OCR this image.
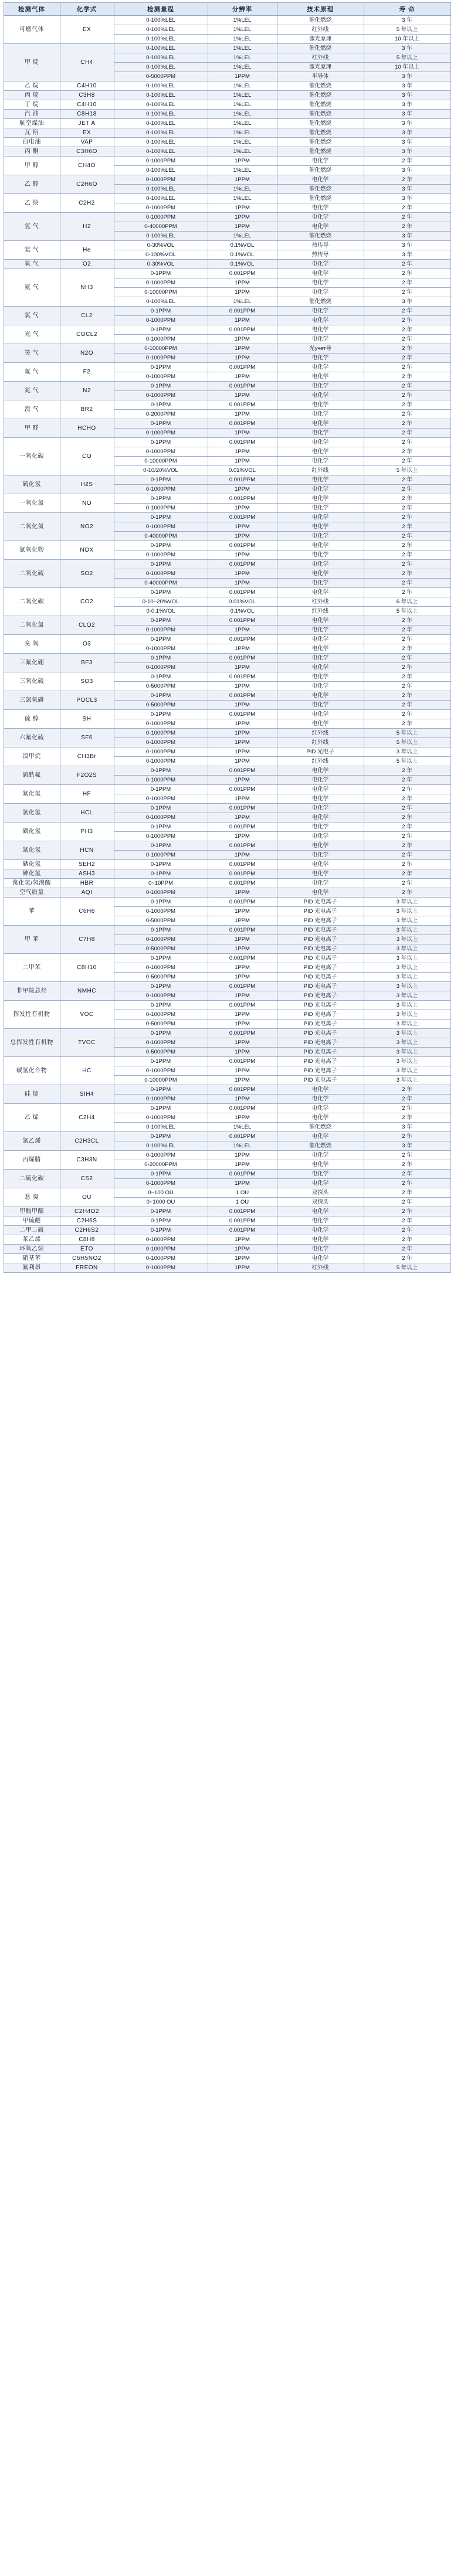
检测气体	化学式	检测量程	分辨率	技术原理	寿 命
可燃气体	EX	0-100%LEL	1%LEL	催化燃烧	3 年
		0-100%LEL	1%LEL	红外线	5 年以上
		0-100%LEL	1%LEL	激光原理	10 年以上
甲 烷	CH4	0-100%LEL	1%LEL	催化燃烧	3 年
		0-100%LEL	1%LEL	红外线	5 年以上
		0-100%LEL	1%LEL	激光原理	10 年以上
		0-5000PPM	1PPM	半导体	3 年
乙 烷	C4H10	0-100%LEL	1%LEL	催化燃烧	3 年
丙 烷	C3H8	0-100%LEL	1%LEL	催化燃烧	3 年
丁 烷	C4H10	0-100%LEL	1%LEL	催化燃烧	3 年
汽 油	C8H18	0-100%LEL	1%LEL	催化燃烧	3 年
航空煤油	JET A	0-100%LEL	1%LEL	催化燃烧	3 年
瓦 斯	EX	0-100%LEL	1%LEL	催化燃烧	3 年
白电油	VAP	0-100%LEL	1%LEL	催化燃烧	3 年
丙 酮	C3H6O	0-100%LEL	1%LEL	催化燃烧	3 年
甲 醇	CH4O	0-1000PPM	1PPM	电化学	2 年
		0-100%LEL	1%LEL	催化燃烧	3 年
乙 醇	C2H6O	0-1000PPM	1PPM	电化学	2 年
		0-100%LEL	1%LEL	催化燃烧	3 年
乙 炔	C2H2	0-100%LEL	1%LEL	催化燃烧	3 年
		0-1000PPM	1PPM	电化学	2 年
氢 气	H2	0-1000PPM	1PPM	电化学	2 年
		0-40000PPM	1PPM	电化学	2 年
		0-100%LEL	1%LEL	催化燃烧	3 年
氦 气	He	0-30%VOL	0.1%VOL	热传导	3 年
		0-100%VOL	0.1%VOL	热传导	3 年
氧 气	O2	0-30%VOL	0.1%VOL	电化学	2 年
氨 气	NH3	0-1PPM	0.001PPM	电化学	2 年
		0-1000PPM	1PPM	电化学	2 年
		0-10000PPM	1PPM	电化学	2 年
		0-100%LEL	1%LEL	催化燃烧	3 年
氯 气	CL2	0-1PPM	0.001PPM	电化学	2 年
		0-1000PPM	1PPM	电化学	2 年
光 气	COCL2	0-1PPM	0.001PPM	电化学	2 年
		0-1000PPM	1PPM	电化学	2 年
笑 气	N2O	0-10000PPM	1PPM	光учет导	2 年
		0-1000PPM	1PPM	电化学	2 年
氟 气	F2	0-1PPM	0.001PPM	电化学	2 年
		0-1000PPM	1PPM	电化学	2 年
氮 气	N2	0-1PPM	0.001PPM	电化学	2 年
		0-1000PPM	1PPM	电化学	2 年
溴 气	BR2	0-1PPM	0.001PPM	电化学	2 年
		0-2000PPM	1PPM	电化学	2 年
甲 醛	HCHO	0-1PPM	0.001PPM	电化学	2 年
		0-1000PPM	1PPM	电化学	2 年
一氧化碳	CO	0-1PPM	0.001PPM	电化学	2 年
		0-1000PPM	1PPM	电化学	2 年
		0-10000PPM	1PPM	电化学	2 年
		0-10/20%VOL	0.01%VOL	红外线	5 年以上
硫化氢	H2S	0-1PPM	0.001PPM	电化学	2 年
		0-1000PPM	1PPM	电化学	2 年
一氧化氮	NO	0-1PPM	0.001PPM	电化学	2 年
		0-1000PPM	1PPM	电化学	2 年
二氧化氮	NO2	0-1PPM	0.001PPM	电化学	2 年
		0-1000PPM	1PPM	电化学	2 年
		0-40000PPM	1PPM	电化学	2 年
氮氧化物	NOX	0-1PPM	0.001PPM	电化学	2 年
		0-1000PPM	1PPM	电化学	2 年
二氧化硫	SO2	0-1PPM	0.001PPM	电化学	2 年
		0-1000PPM	1PPM	电化学	2 年
		0-40000PPM	1PPM	电化学	2 年
二氧化碳	CO2	0-1PPM	0.001PPM	电化学	2 年
		0-10~20%VOL	0.01%VOL	红外线	6 年以上
		0-0.1%VOL	0.1%VOL	红外线	5 年以上
二氧化氯	CLO2	0-1PPM	0.001PPM	电化学	2 年
		0-1000PPM	1PPM	电化学	2 年
臭 氧	O3	0-1PPM	0.001PPM	电化学	2 年
		0-1000PPM	1PPM	电化学	2 年
三氟化硼	BF3	0-1PPM	0.001PPM	电化学	2 年
		0-1000PPM	1PPM	电化学	2 年
三氧化硫	SO3	0-1PPM	0.001PPM	电化学	2 年
		0-5000PPM	1PPM	电化学	2 年
三氯氧磷	POCL3	0-1PPM	0.001PPM	电化学	2 年
		0-5000PPM	1PPM	电化学	2 年
硫 醇	SH	0-1PPM	0.001PPM	电化学	2 年
		0-1000PPM	1PPM	电化学	2 年
六氟化硫	SF6	0-1000PPM	1PPM	红外线	5 年以上
		0-1000PPM	1PPM	红外线	5 年以上
溴甲烷	CH3Br	0-1000PPM	1PPM	PID 光电子	3 年以上
		0-1000PPM	1PPM	红外线	5 年以上
硫酰氟	F2O2S	0-1PPM	0.001PPM	电化学	2 年
		0-1000PPM	1PPM	电化学	2 年
氟化氢	HF	0-1PPM	0.001PPM	电化学	2 年
		0-1000PPM	1PPM	电化学	2 年
氯化氢	HCL	0-1PPM	0.001PPM	电化学	2 年
		0-1000PPM	1PPM	电化学	2 年
磷化氢	PH3	0-1PPM	0.001PPM	电化学	2 年
		0-1000PPM	1PPM	电化学	2 年
氰化氢	HCN	0-1PPM	0.001PPM	电化学	2 年
		0-1000PPM	1PPM	电化学	2 年
硒化氢	SEH2	0-1PPM	0.001PPM	电化学	2 年
砷化氢	ASH3	0-1PPM	0.001PPM	电化学	2 年
溴化氢/氢溴酸	HBR	0~10PPM	0.001PPM	电化学	2 年
空气质量	AQI	0-1000PPM	1PPM	电化学	2 年
苯	C6H6	0-1PPM	0.001PPM	PID 光电离子	3 年以上
		0-1000PPM	1PPM	PID 光电离子	3 年以上
		0-5000PPM	1PPM	PID 光电离子	3 年以上
甲 苯	C7H8	0-1PPM	0.001PPM	PID 光电离子	3 年以上
		0-1000PPM	1PPM	PID 光电离子	3 年以上
		0-5000PPM	1PPM	PID 光电离子	3 年以上
二甲苯	C8H10	0-1PPM	0.001PPM	PID 光电离子	3 年以上
		0-1000PPM	1PPM	PID 光电离子	3 年以上
		0-5000PPM	1PPM	PID 光电离子	3 年以上
非甲烷总烃	NMHC	0-1PPM	0.001PPM	PID 光电离子	3 年以上
		0-1000PPM	1PPM	PID 光电离子	3 年以上
挥发性有机物	VOC	0-1PPM	0.001PPM	PID 光电离子	3 年以上
		0-1000PPM	1PPM	PID 光电离子	3 年以上
		0-5000PPM	1PPM	PID 光电离子	3 年以上
总挥发性有机物	TVOC	0-1PPM	0.001PPM	PID 光电离子	3 年以上
		0-1000PPM	1PPM	PID 光电离子	3 年以上
		0-5000PPM	1PPM	PID 光电离子	3 年以上
碳氢化合物	HC	0-1PPM	0.001PPM	PID 光电离子	3 年以上
		0-1000PPM	1PPM	PID 光电离子	3 年以上
		0-10000PPM	1PPM	PID 光电离子	3 年以上
硅 烷	SIH4	0-1PPM	0.001PPM	电化学	2 年
		0-1000PPM	1PPM	电化学	2 年
乙 烯	C2H4	0-1PPM	0.001PPM	电化学	2 年
		0-1000PPM	1PPM	电化学	2 年
		0-100%LEL	1%LEL	催化燃烧	3 年
氯乙烯	C2H3CL	0-1PPM	0.001PPM	电化学	2 年
		0-100%LEL	1%LEL	催化燃烧	3 年
丙烯腈	C3H3N	0-1000PPM	1PPM	电化学	2 年
		0-20000PPM	1PPM	电化学	2 年
二硫化碳	CS2	0-1PPM	0.001PPM	电化学	2 年
		0-1000PPM	1PPM	电化学	2 年
恶 臭	OU	0~100 OU	1 OU	双探头	2 年
		0~1000 OU	1 OU	双探头	2 年
甲酸甲酯	C2H4O2	0-1PPM	0.001PPM	电化学	2 年
甲硫醚	C2H6S	0-1PPM	0.001PPM	电化学	2 年
二甲二硫	C2H6S2	0-1PPM	0.001PPM	电化学	2 年
苯乙烯	C8H8	0-1000PPM	1PPM	电化学	2 年
环氧乙烷	ETO	0-1000PPM	1PPM	电化学	2 年
硝基苯	C6H5NO2	0-1000PPM	1PPM	电化学	2 年
氟利昂	FREON	0-1000PPM	1PPM	红外线	5 年以上
